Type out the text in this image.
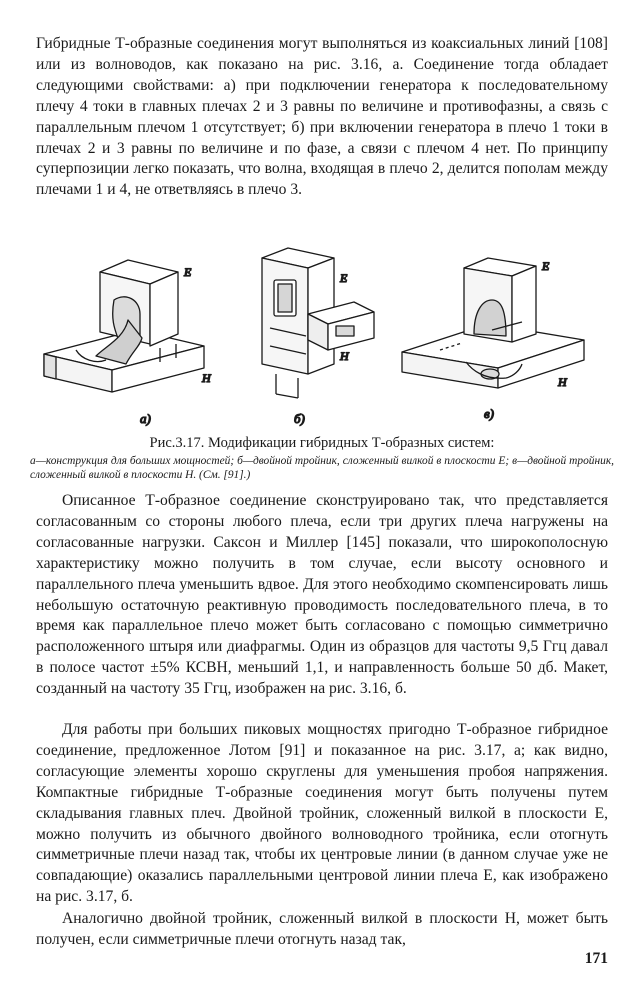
Гибридные Т-образные соединения могут выполняться из коаксиальных линий [108] или из волноводов, как показано на рис. 3.16, а. Соединение тогда обладает следующими свойствами: а) при подключении генератора к последовательному плечу 4 токи в главных плечах 2 и 3 равны по величине и противофазны, а связь с параллельным плечом 1 отсутствует; б) при включении генератора в плечо 1 токи в плечах 2 и 3 равны по величине и по фазе, а связи с плечом 4 нет. По принципу суперпозиции легко показать, что волна, входящая в плечо 2, делится пополам между плечами 1 и 4, не ответвляясь в плечо 3.

E
H
а)
E
H
б)
E
H
в)

Рис.3.17. Модификации гибридных Т-образных систем:

а—конструкция для больших мощностей; б—двойной тройник, сложенный вилкой в плоскости E; в—двойной тройник, сложенный вилкой в плоскости H. (См. [91].)

Описанное Т-образное соединение сконструировано так, что представляется согласованным со стороны любого плеча, если три других плеча нагружены на согласованные нагрузки. Саксон и Миллер [145] показали, что широкополосную характеристику можно получить в том случае, если высоту основного и параллельного плеча уменьшить вдвое. Для этого необходимо скомпенсировать лишь небольшую остаточную реактивную проводимость последовательного плеча, в то время как параллельное плечо может быть согласовано с помощью симметрично расположенного штыря или диафрагмы. Один из образцов для частоты 9,5 Ггц давал в полосе частот ±5% КСВН, меньший 1,1, и направленность больше 50 дб. Макет, созданный на частоту 35 Ггц, изображен на рис. 3.16, б.

Для работы при больших пиковых мощностях пригодно Т-образное гибридное соединение, предложенное Лотом [91] и показанное на рис. 3.17, а; как видно, согласующие элементы хорошо скруглены для уменьшения пробоя напряжения. Компактные гибридные Т-образные соединения могут быть получены путем складывания главных плеч. Двойной тройник, сложенный вилкой в плоскости E, можно получить из обычного двойного волноводного тройника, если отогнуть симметричные плечи назад так, чтобы их центровые линии (в данном случае уже не совпадающие) оказались параллельными центровой линии плеча E, как изображено на рис. 3.17, б.

Аналогично двойной тройник, сложенный вилкой в плоскости H, может быть получен, если симметричные плечи отогнуть назад так,

171
